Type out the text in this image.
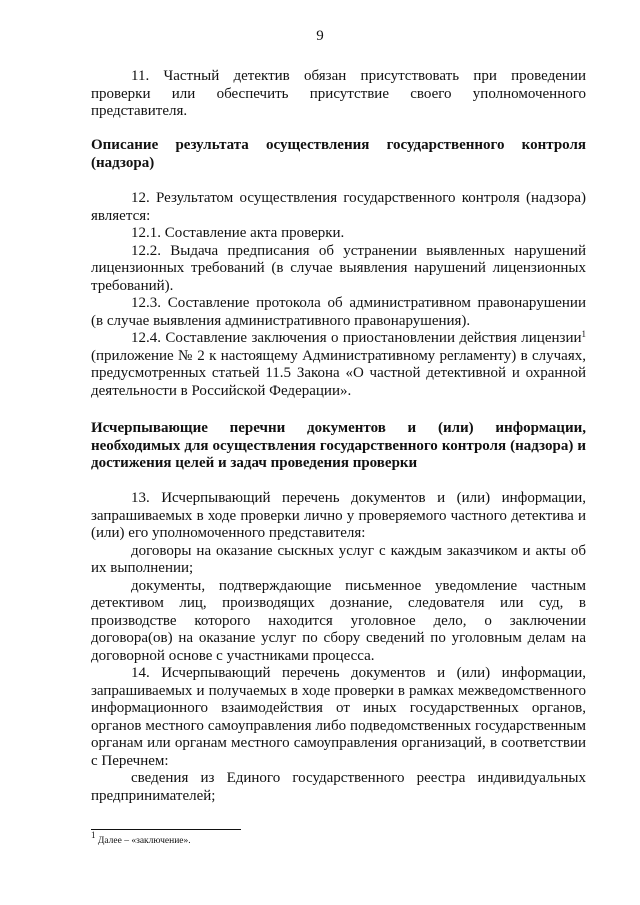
9

11. Частный детектив обязан присутствовать при проведении проверки или обеспечить присутствие своего уполномоченного представителя.

Описание результата осуществления государственного контроля (надзора)

12. Результатом осуществления государственного контроля (надзора) является:

12.1. Составление акта проверки.

12.2. Выдача предписания об устранении выявленных нарушений лицензионных требований (в случае выявления нарушений лицензионных требований).

12.3. Составление протокола об административном правонарушении (в случае выявления административного правонарушения).

12.4. Составление заключения о приостановлении действия лицензии$^1$ (приложение № 2 к настоящему Административному регламенту) в случаях, предусмотренных статьей 11.5 Закона «О частной детективной и охранной деятельности в Российской Федерации».

Исчерпывающие перечни документов и (или) информации, необходимых для осуществления государственного контроля (надзора) и достижения целей и задач проведения проверки

13. Исчерпывающий перечень документов и (или) информации, запрашиваемых в ходе проверки лично у проверяемого частного детектива и (или) его уполномоченного представителя:

договоры на оказание сыскных услуг с каждым заказчиком и акты об их выполнении;

документы, подтверждающие письменное уведомление частным детективом лиц, производящих дознание, следователя или суд, в производстве которого находится уголовное дело, о заключении договора(ов) на оказание услуг по сбору сведений по уголовным делам на договорной основе с участниками процесса.

14. Исчерпывающий перечень документов и (или) информации, запрашиваемых и получаемых в ходе проверки в рамках межведомственного информационного взаимодействия от иных государственных органов, органов местного самоуправления либо подведомственных государственным органам или органам местного самоуправления организаций, в соответствии с Перечнем:

сведения из Единого государственного реестра индивидуальных предпринимателей;

$^1$ Далее – «заключение».
